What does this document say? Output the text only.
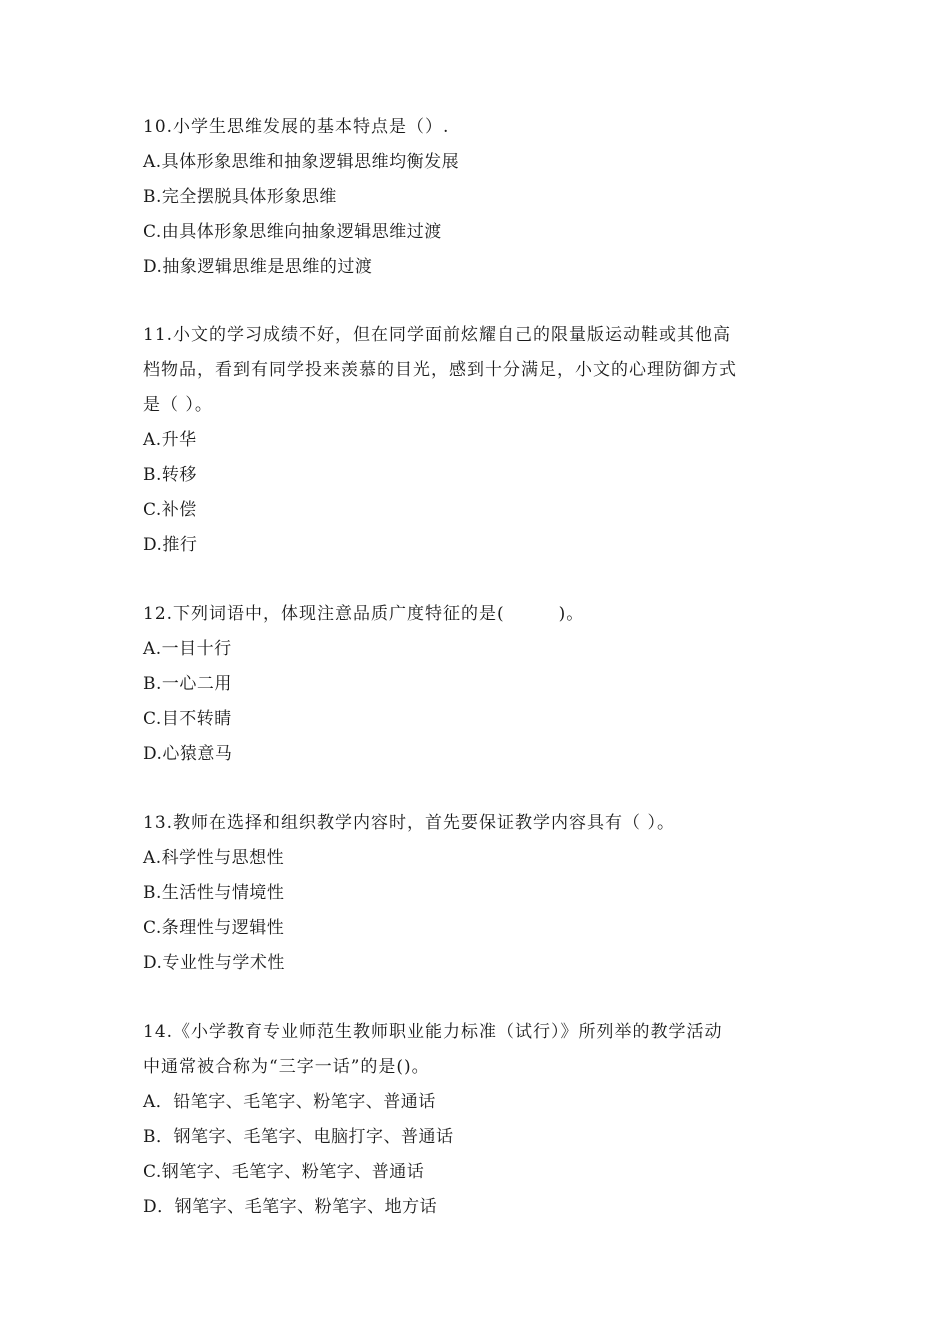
10.小学生思维发展的基本特点是（）.
A.具体形象思维和抽象逻辑思维均衡发展
B.完全摆脱具体形象思维
C.由具体形象思维向抽象逻辑思维过渡
D.抽象逻辑思维是思维的过渡
11.小文的学习成绩不好，但在同学面前炫耀自己的限量版运动鞋或其他高
档物品，看到有同学投来羡慕的目光，感到十分满足，小文的心理防御方式
是（ ）。
A.升华
B.转移
C.补偿
D.推行
12.下列词语中，体现注意品质广度特征的是(　　　)。
A.一目十行
B.一心二用
C.目不转睛
D.心猿意马
13.教师在选择和组织教学内容时，首先要保证教学内容具有（ ）。
A.科学性与思想性
B.生活性与情境性
C.条理性与逻辑性
D.专业性与学术性
14.《小学教育专业师范生教师职业能力标准（试行）》所列举的教学活动
中通常被合称为“三字一话”的是()。
A．铅笔字、毛笔字、粉笔字、普通话
B．钢笔字、毛笔字、电脑打字、普通话
C.钢笔字、毛笔字、粉笔字、普通话
D．钢笔字、毛笔字、粉笔字、地方话
